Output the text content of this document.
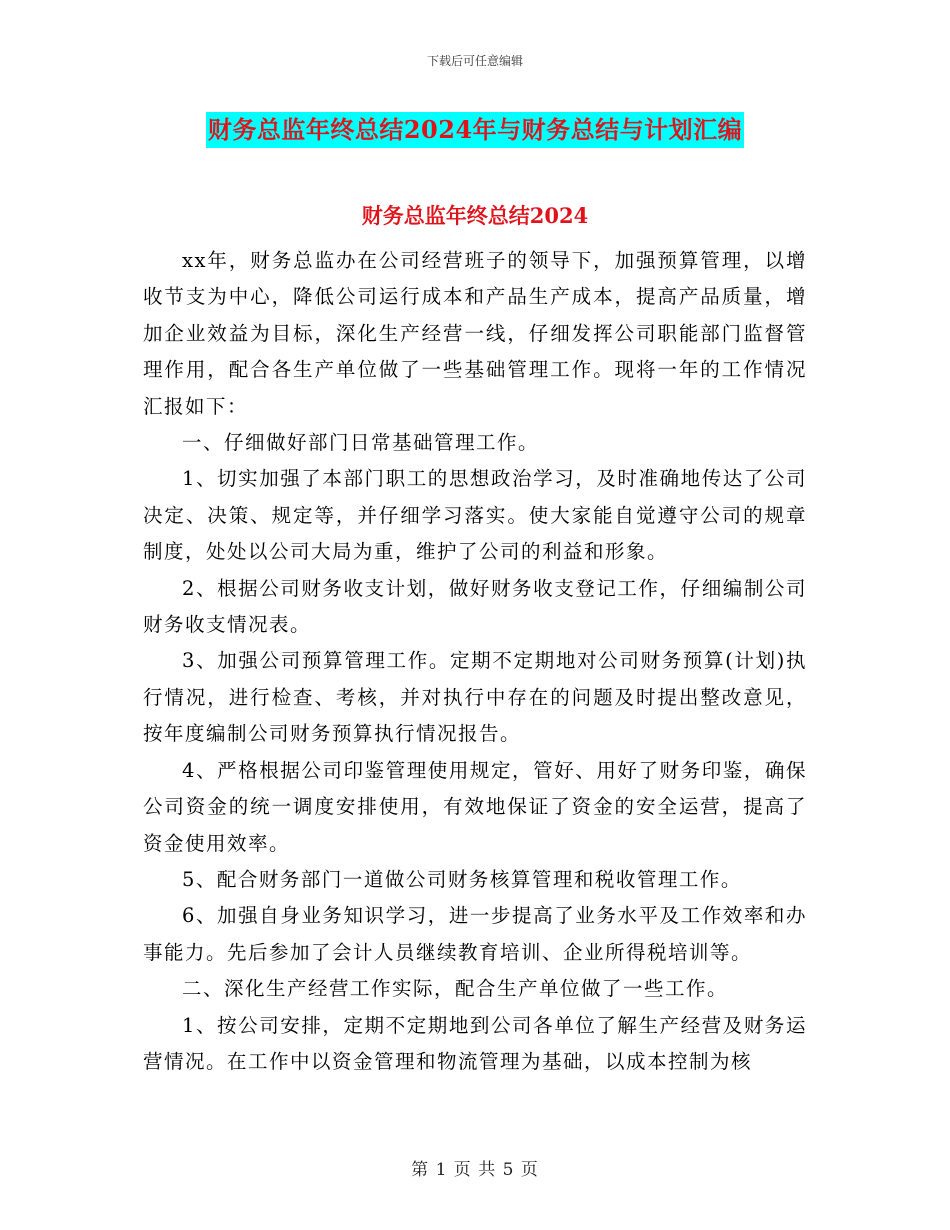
下载后可任意编辑
财务总监年终总结2024年与财务总结与计划汇编
财务总监年终总结2024

xx年，财务总监办在公司经营班子的领导下，加强预算管理，以增收节支为中心，降低公司运行成本和产品生产成本，提高产品质量，增加企业效益为目标，深化生产经营一线，仔细发挥公司职能部门监督管理作用，配合各生产单位做了一些基础管理工作。现将一年的工作情况汇报如下：

一、仔细做好部门日常基础管理工作。

1、切实加强了本部门职工的思想政治学习，及时准确地传达了公司决定、决策、规定等，并仔细学习落实。使大家能自觉遵守公司的规章制度，处处以公司大局为重，维护了公司的利益和形象。

2、根据公司财务收支计划，做好财务收支登记工作，仔细编制公司财务收支情况表。

3、加强公司预算管理工作。定期不定期地对公司财务预算(计划)执行情况，进行检查、考核，并对执行中存在的问题及时提出整改意见，按年度编制公司财务预算执行情况报告。

4、严格根据公司印鉴管理使用规定，管好、用好了财务印鉴，确保公司资金的统一调度安排使用，有效地保证了资金的安全运营，提高了资金使用效率。

5、配合财务部门一道做公司财务核算管理和税收管理工作。

6、加强自身业务知识学习，进一步提高了业务水平及工作效率和办事能力。先后参加了会计人员继续教育培训、企业所得税培训等。

二、深化生产经营工作实际，配合生产单位做了一些工作。

1、按公司安排，定期不定期地到公司各单位了解生产经营及财务运营情况。在工作中以资金管理和物流管理为基础，以成本控制为核

第 1 页 共 5 页
